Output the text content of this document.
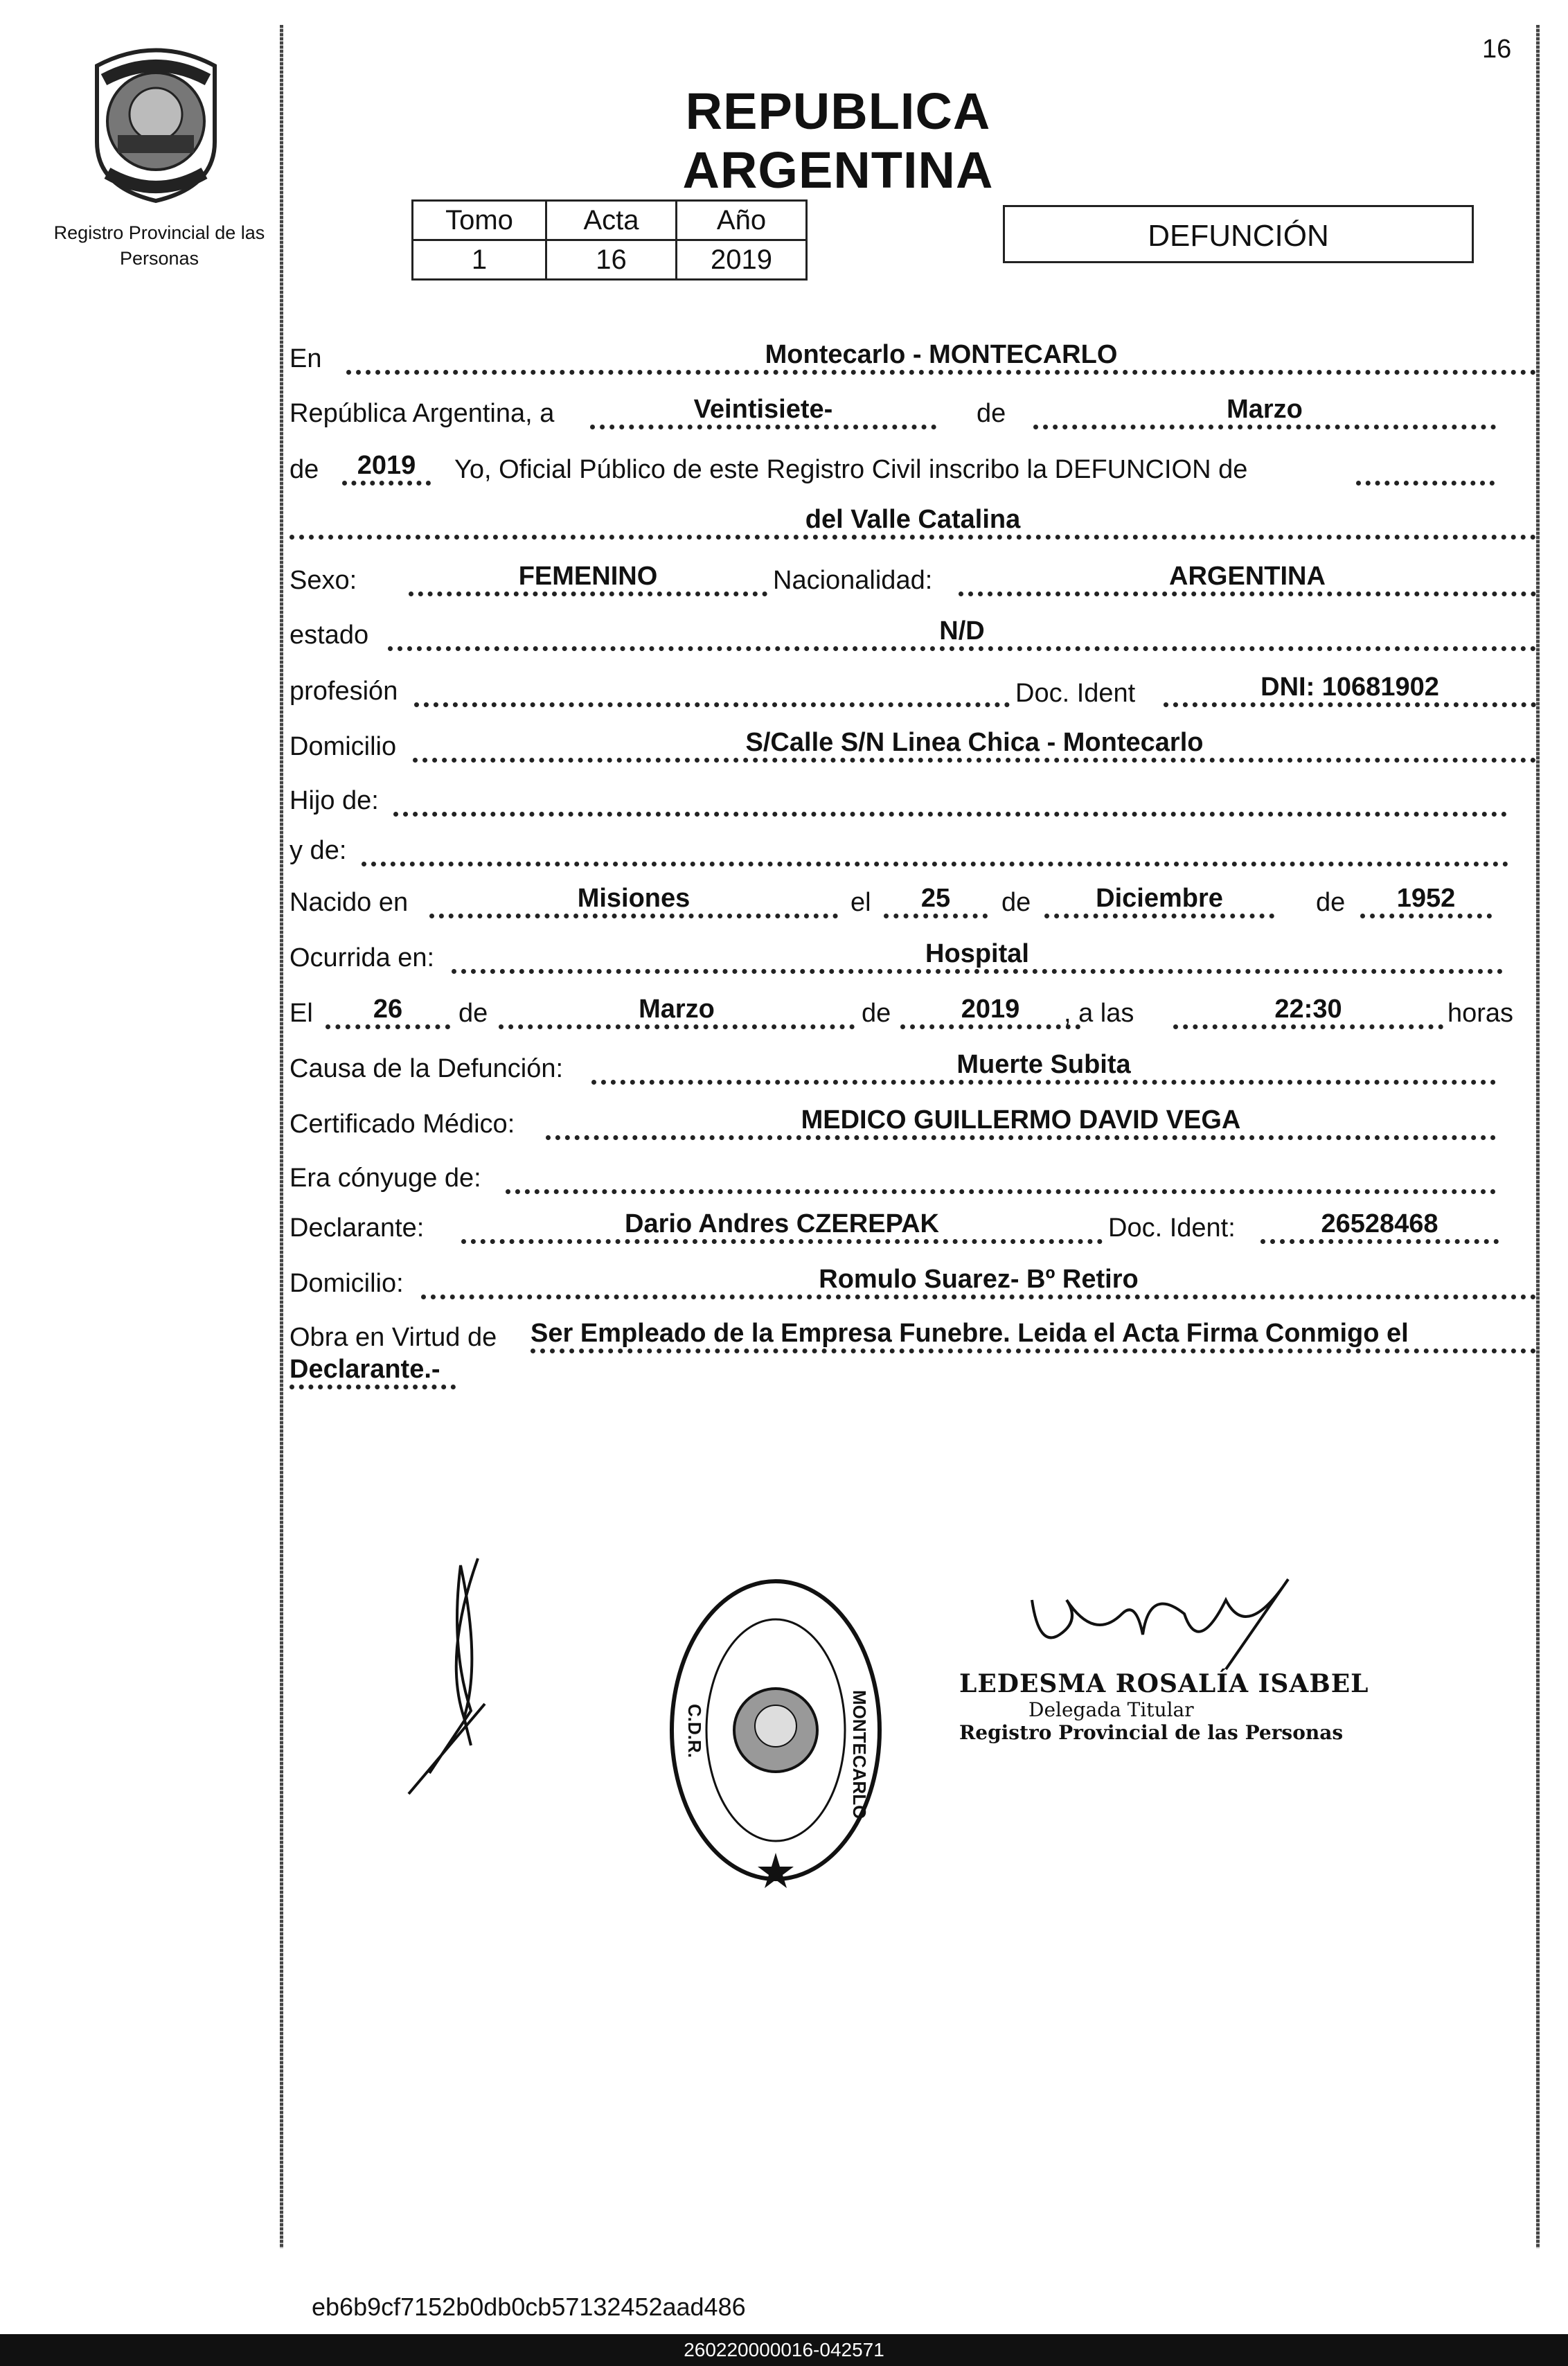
Registro Provincial de las Personas
16
REPUBLICA ARGENTINA
Tomo	Acta	Año
1	16	2019
DEFUNCIÓN
En	Montecarlo - MONTECARLO
República Argentina, a	Veintisiete-	de	Marzo
de	2019	Yo, Oficial Público de este Registro Civil inscribo la DEFUNCION de
del Valle Catalina
Sexo:	FEMENINO	Nacionalidad:	ARGENTINA
estado	N/D
profesión	Doc. Ident	DNI: 10681902
Domicilio	S/Calle S/N Linea Chica - Montecarlo
Hijo de:
y de:
Nacido en	Misiones	el	25	de	Diciembre	de	1952
Ocurrida en:	Hospital
El	26	de	Marzo	de	2019	, a las	22:30	horas
Causa de la Defunción:	Muerte Subita
Certificado Médico:	MEDICO GUILLERMO DAVID VEGA
Era cónyuge de:
Declarante:	Dario Andres CZEREPAK	Doc. Ident:	26528468
Domicilio:	Romulo Suarez- Bº Retiro
Obra en Virtud de Ser Empleado de la Empresa Funebre. Leida el Acta Firma Conmigo el
Declarante.-
C.D.R.	MONTECARLO
LEDESMA ROSALÍA ISABEL
Delegada Titular
Registro Provincial de las Personas
eb6b9cf7152b0db0cb57132452aad486
260220000016-042571
